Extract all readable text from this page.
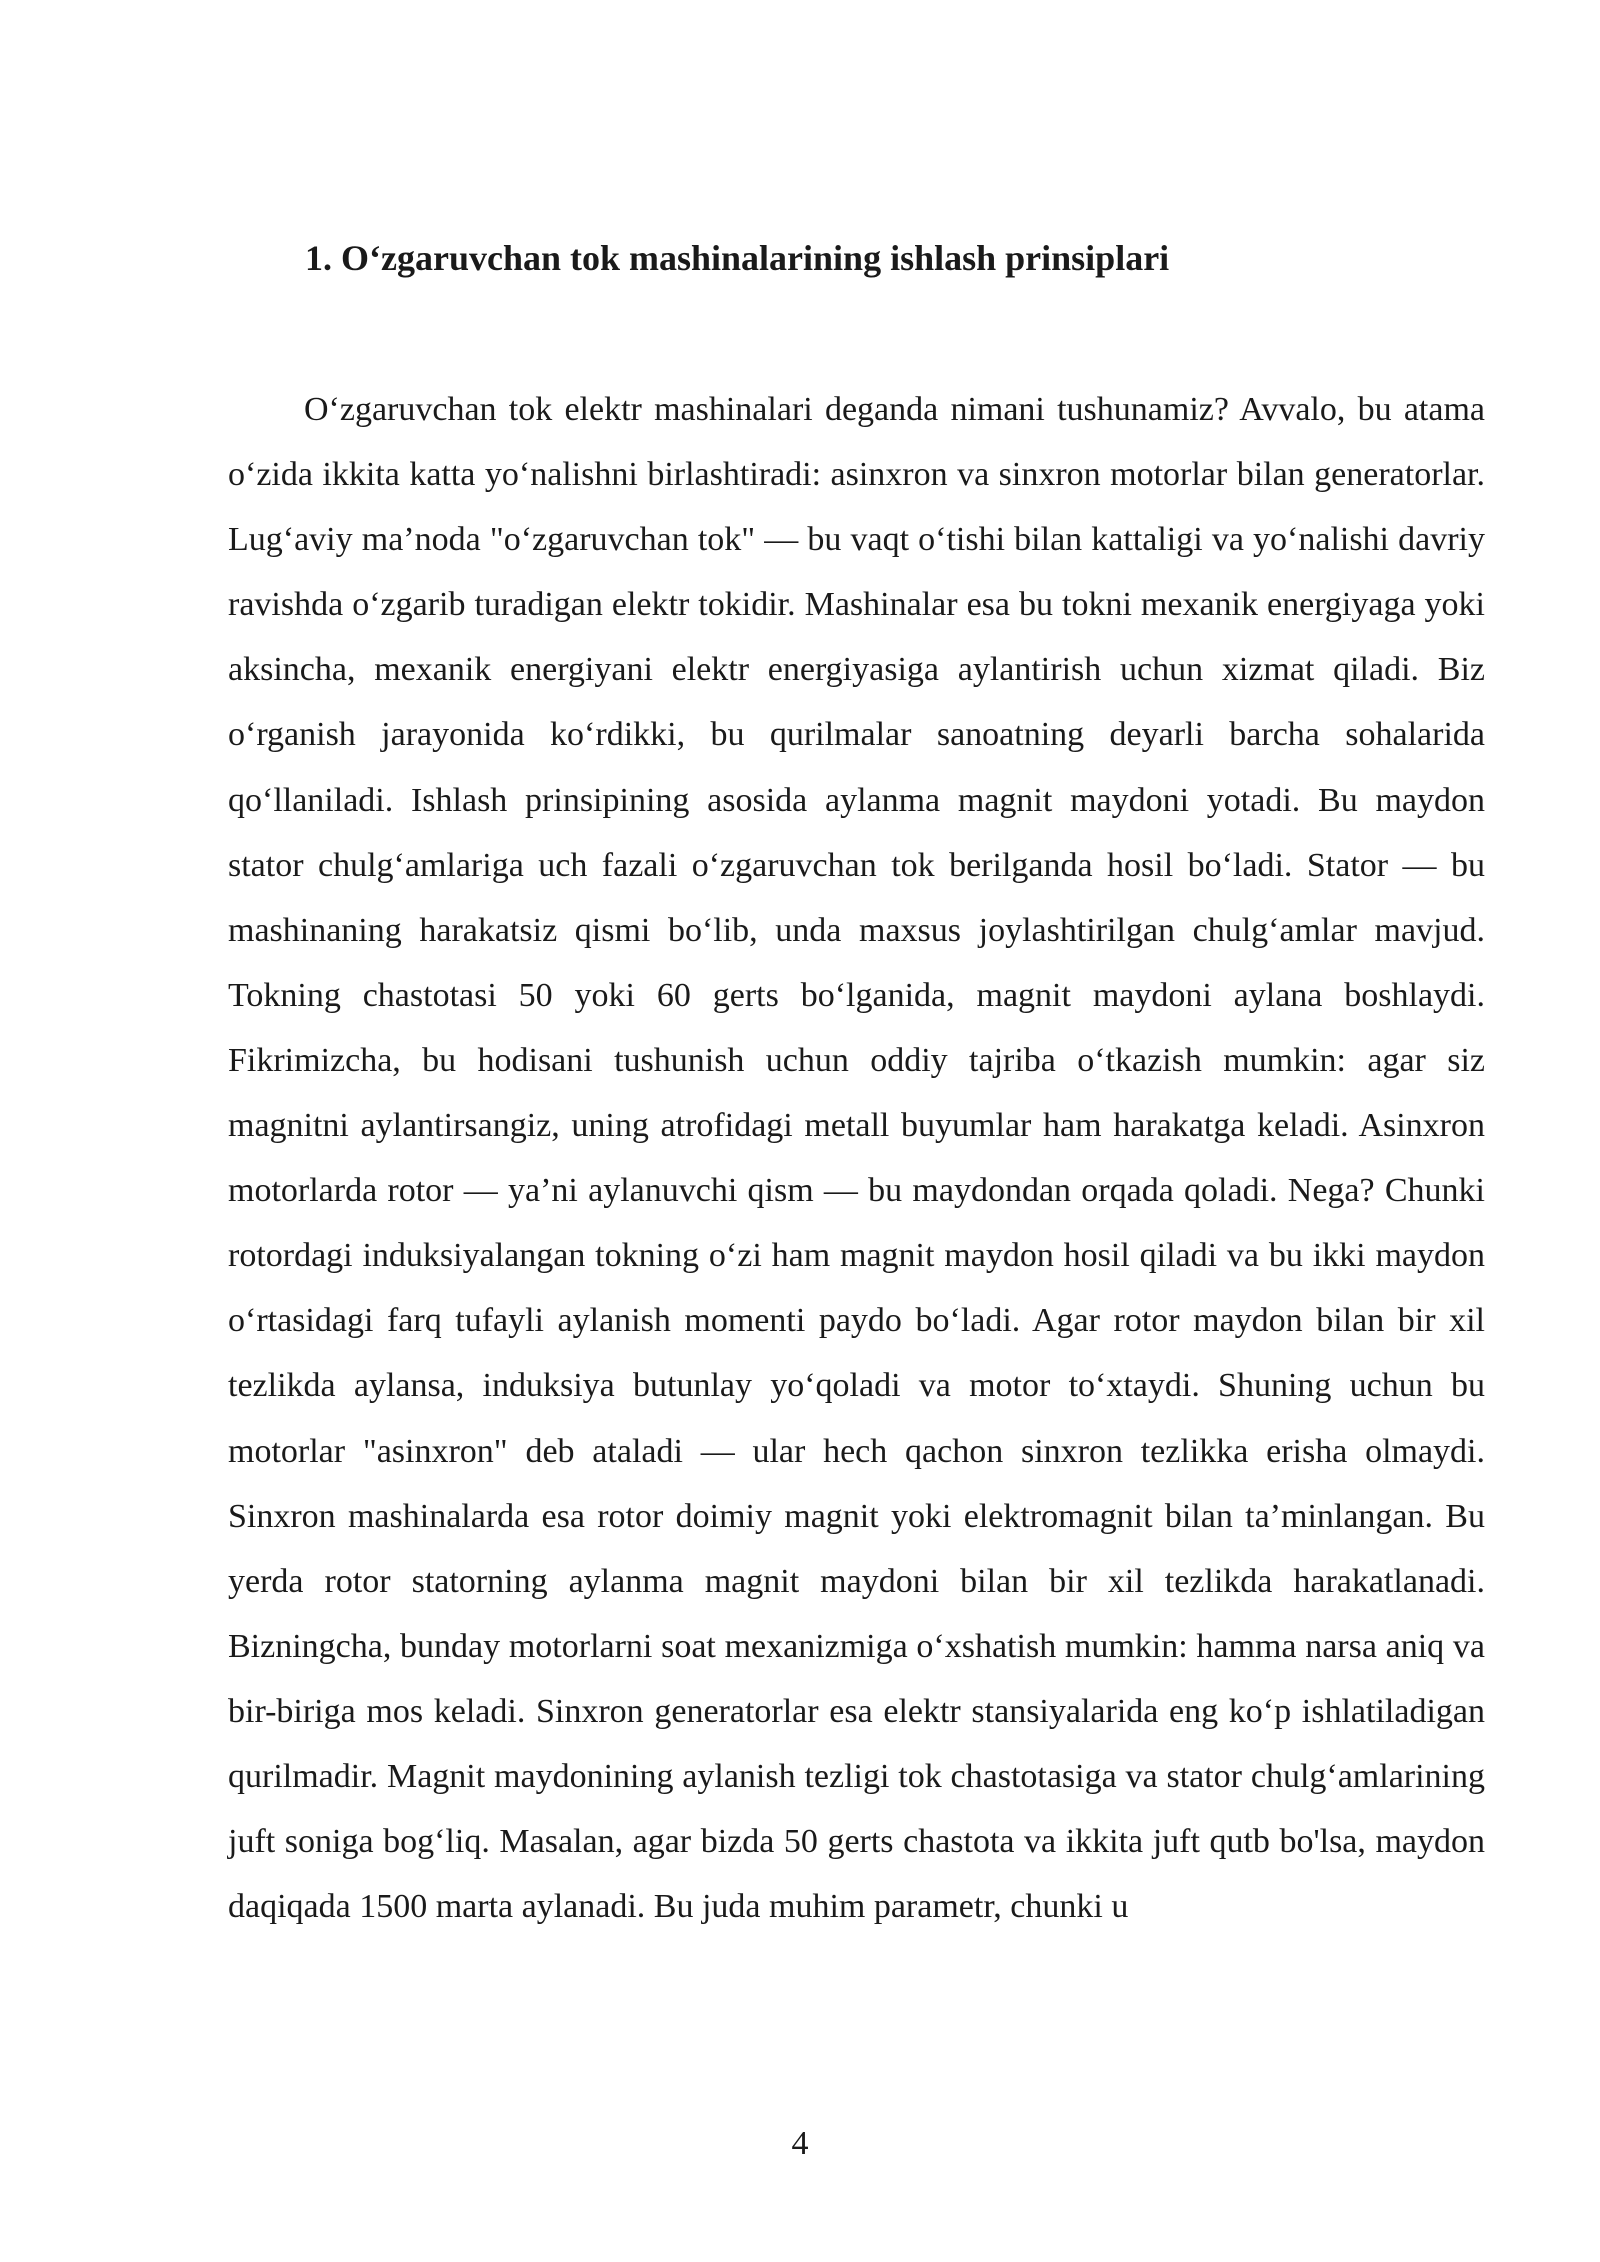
1. O‘zgaruvchan tok mashinalarining ishlash prinsiplari

O‘zgaruvchan tok elektr mashinalari deganda nimani tushunamiz? Avvalo, bu atama o‘zida ikkita katta yo‘nalishni birlashtiradi: asinxron va sinxron motorlar bilan generatorlar. Lug‘aviy ma’noda "o‘zgaruvchan tok" — bu vaqt o‘tishi bilan kattaligi va yo‘nalishi davriy ravishda o‘zgarib turadigan elektr tokidir. Mashinalar esa bu tokni mexanik energiyaga yoki aksincha, mexanik energiyani elektr energiyasiga aylantirish uchun xizmat qiladi. Biz o‘rganish jarayonida ko‘rdikki, bu qurilmalar sanoatning deyarli barcha sohalarida qo‘llaniladi. Ishlash prinsipining asosida aylanma magnit maydoni yotadi. Bu maydon stator chulg‘amlariga uch fazali o‘zgaruvchan tok berilganda hosil bo‘ladi. Stator — bu mashinaning harakatsiz qismi bo‘lib, unda maxsus joylashtirilgan chulg‘amlar mavjud. Tokning chastotasi 50 yoki 60 gerts bo‘lganida, magnit maydoni aylana boshlaydi. Fikrimizcha, bu hodisani tushunish uchun oddiy tajriba o‘tkazish mumkin: agar siz magnitni aylantirsangiz, uning atrofidagi metall buyumlar ham harakatga keladi. Asinxron motorlarda rotor — ya’ni aylanuvchi qism — bu maydondan orqada qoladi. Nega? Chunki rotordagi induksiyalangan tokning o‘zi ham magnit maydon hosil qiladi va bu ikki maydon o‘rtasidagi farq tufayli aylanish momenti paydo bo‘ladi. Agar rotor maydon bilan bir xil tezlikda aylansa, induksiya butunlay yo‘qoladi va motor to‘xtaydi. Shuning uchun bu motorlar "asinxron" deb ataladi — ular hech qachon sinxron tezlikka erisha olmaydi. Sinxron mashinalarda esa rotor doimiy magnit yoki elektromagnit bilan ta’minlangan. Bu yerda rotor statorning aylanma magnit maydoni bilan bir xil tezlikda harakatlanadi. Bizningcha, bunday motorlarni soat mexanizmiga o‘xshatish mumkin: hamma narsa aniq va bir-biriga mos keladi. Sinxron generatorlar esa elektr stansiyalarida eng ko‘p ishlatiladigan qurilmadir. Magnit maydonining aylanish tezligi tok chastotasiga va stator chulg‘amlarining juft soniga bog‘liq. Masalan, agar bizda 50 gerts chastota va ikkita juft qutb bo'lsa, maydon daqiqada 1500 marta aylanadi. Bu juda muhim parametr, chunki u

4
